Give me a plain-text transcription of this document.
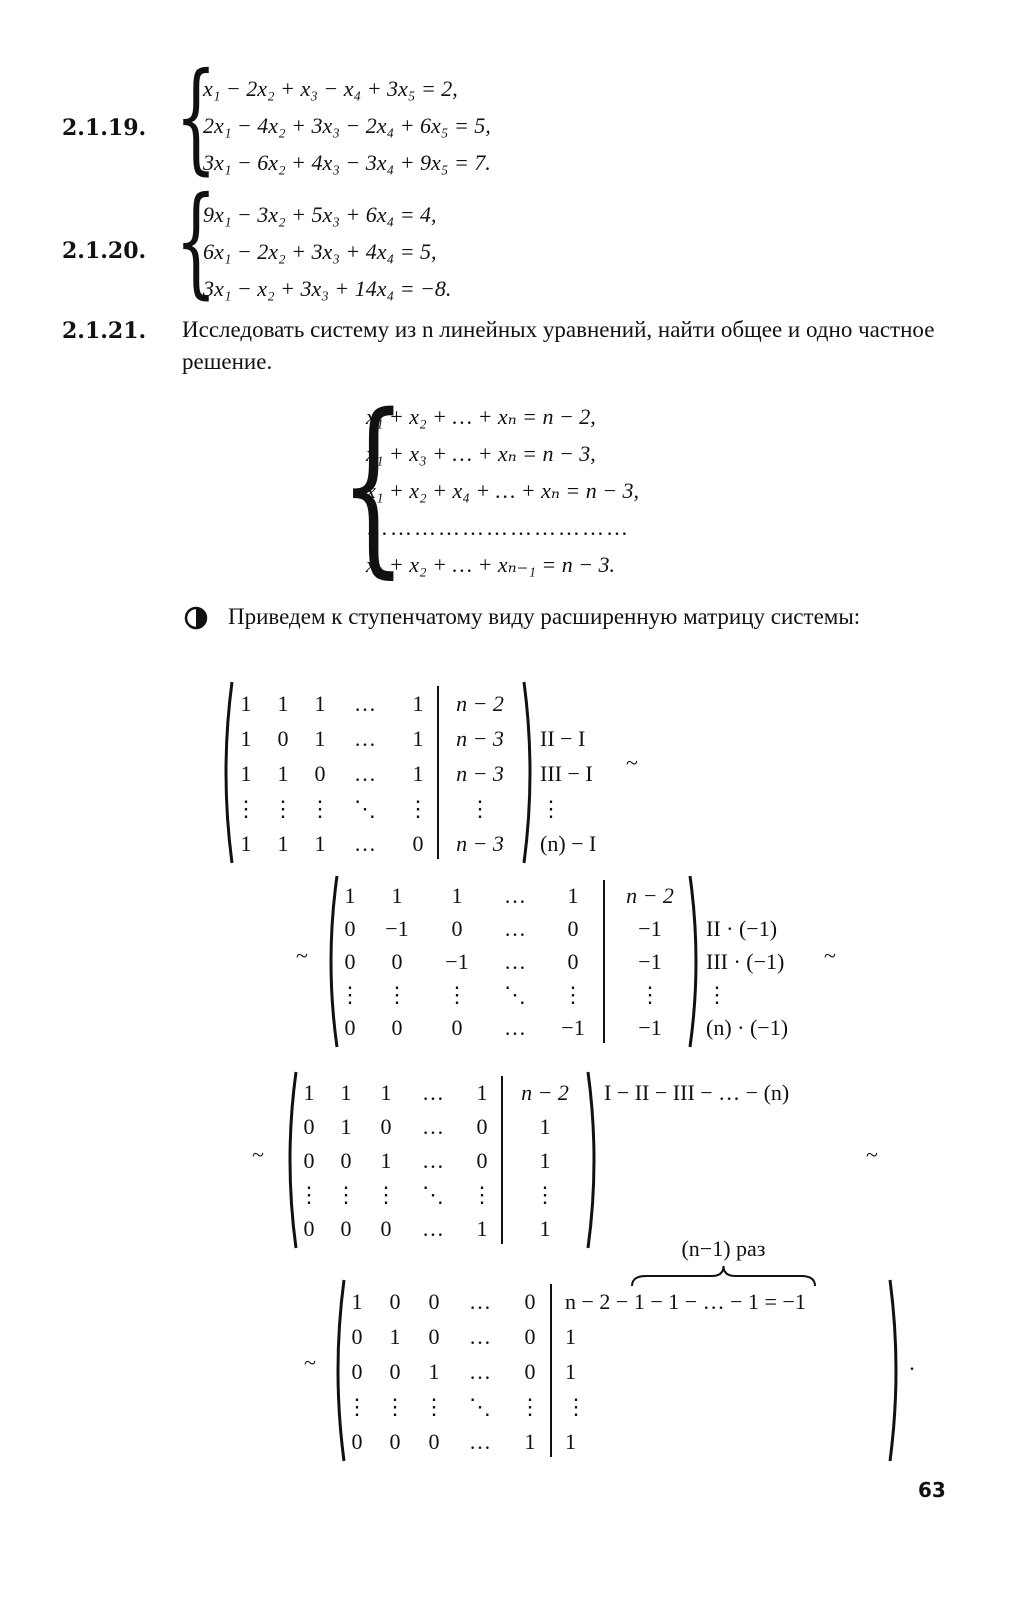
2.1.19. {
x₁ − 2x₂ + x₃ − x₄ + 3x₅ = 2,
2x₁ − 4x₂ + 3x₃ − 2x₄ + 6x₅ = 5,
3x₁ − 6x₂ + 4x₃ − 3x₄ + 9x₅ = 7.
2.1.20. {
9x₁ − 3x₂ + 5x₃ + 6x₄ = 4,
6x₁ − 2x₂ + 3x₃ + 4x₄ = 5,
3x₁ − x₂ + 3x₃ + 14x₄ = −8.
2.1.21. Исследовать систему из n линейных уравнений, найти общее и одно частное решение.
{
x₁ + x₂ + … + xₙ = n − 2,
x₁ + x₃ + … + xₙ = n − 3,
x₁ + x₂ + x₄ + … + xₙ = n − 3,
……………………………
x₁ + x₂ + … + xₙ₋₁ = n − 3.
Приведем к ступенчатому виду расширенную матрицу системы:
1 1 1 … 1 n − 2
1 0 1 … 1 n − 3 II − I
1 1 0 … 1 n − 3 III − I
⋮ ⋮ ⋮ ⋱ ⋮ ⋮ ⋮
1 1 1 … 0 n − 3 (n) − I
~
1 1 1 … 1 n − 2
0 −1 0 … 0	−1 II · (−1)
0 0 −1 … 0	−1 III · (−1)
⋮ ⋮ ⋮ ⋱ ⋮	⋮ ⋮
0 0 0 … −1 −1 (n) · (−1)
~	~
1 1 1 … 1 n − 2 I − II − III − … − (n)
0 1 0 … 0 1
0 0 1 … 0 1
⋮ ⋮ ⋮ ⋱ ⋮ ⋮
0 0 0 … 1 1
~	~
1 0 0 … 0 n − 2 − 1 − 1 − … − 1 = −1
0 1 0 … 0 1
0 0 1 … 0 1
⋮ ⋮ ⋮ ⋱ ⋮ ⋮
0 0 0 … 1 1
~	.
(n−1) раз
63
